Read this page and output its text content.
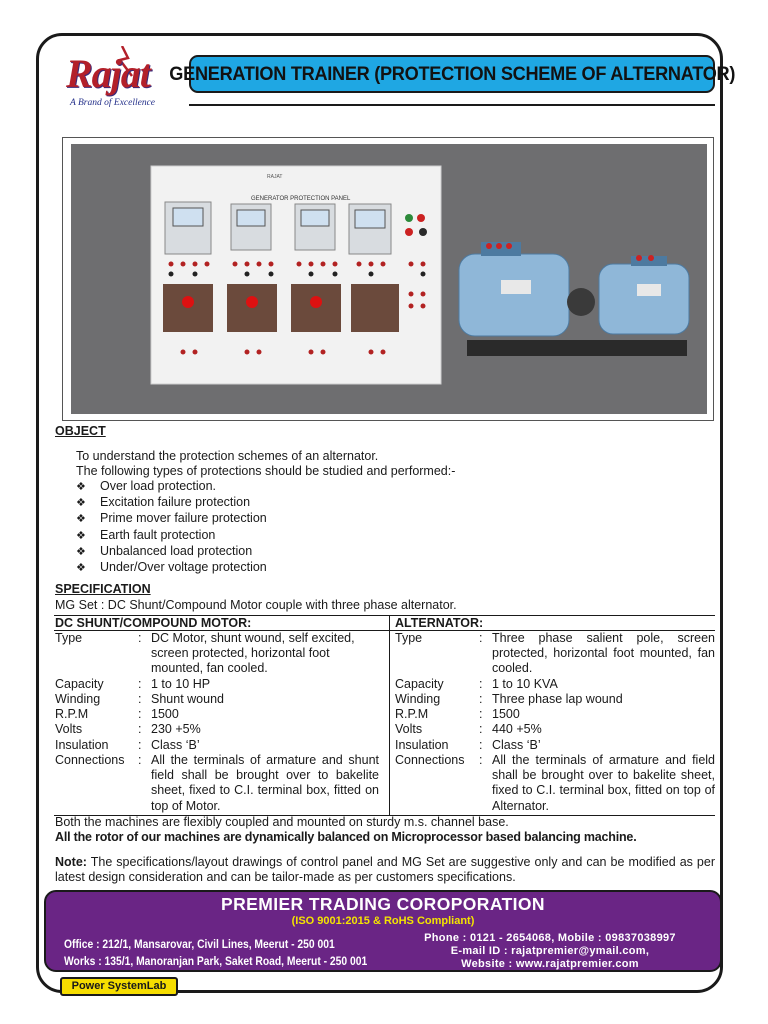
Rajat
A Brand of Excellence
GENERATION TRAINER (PROTECTION SCHEME OF ALTERNATOR)
RAJAT
GENERATOR PROTECTION PANEL
OBJECT
To understand the protection schemes of an alternator.
The following types of protections should be studied and performed:-
❖ Over load protection.
❖ Excitation failure protection
❖ Prime mover failure protection
❖ Earth fault protection
❖ Unbalanced load protection
❖ Under/Over voltage protection
SPECIFICATION
MG Set : DC Shunt/Compound Motor couple with three phase alternator.
DC SHUNT/COMPOUND MOTOR:	ALTERNATOR:
Type	: DC Motor, shunt wound, self excited, screen protected, horizontal foot mounted, fan cooled.
Capacity	: 1 to 10 HP
Winding	: Shunt wound
R.P.M	: 1500
Volts	: 230 +5%
Insulation : Class ‘B’
Connections : All the terminals of armature and shunt field shall be brought over to bakelite sheet, fixed to C.I. terminal box, fitted on top of Motor.
Type	: Three phase salient pole, screen protected, horizontal foot mounted, fan cooled.
Capacity	: 1 to 10 KVA
Winding	: Three phase lap wound
R.P.M	: 1500
Volts	: 440 +5%
Insulation : Class ‘B’
Connections : All the terminals of armature and field shall be brought over to bakelite sheet, fixed to C.I. terminal box, fitted on top of Alternator.
Both the machines are flexibly coupled and mounted on sturdy m.s. channel base.
All the rotor of our machines are dynamically balanced on Microprocessor based balancing machine.
Note: The specifications/layout drawings of control panel and MG Set are suggestive only and can be modified as per latest design consideration and can be tailor-made as per customers specifications.
PREMIER TRADING COROPORATION
(ISO 9001:2015 & RoHS Compliant)
Office : 212/1, Mansarovar, Civil Lines, Meerut - 250 001
Works : 135/1, Manoranjan Park, Saket Road, Meerut - 250 001
Phone : 0121 - 2654068, Mobile : 09837038997
E-mail ID : rajatpremier@ymail.com,
Website : www.rajatpremier.com
Power SystemLab
